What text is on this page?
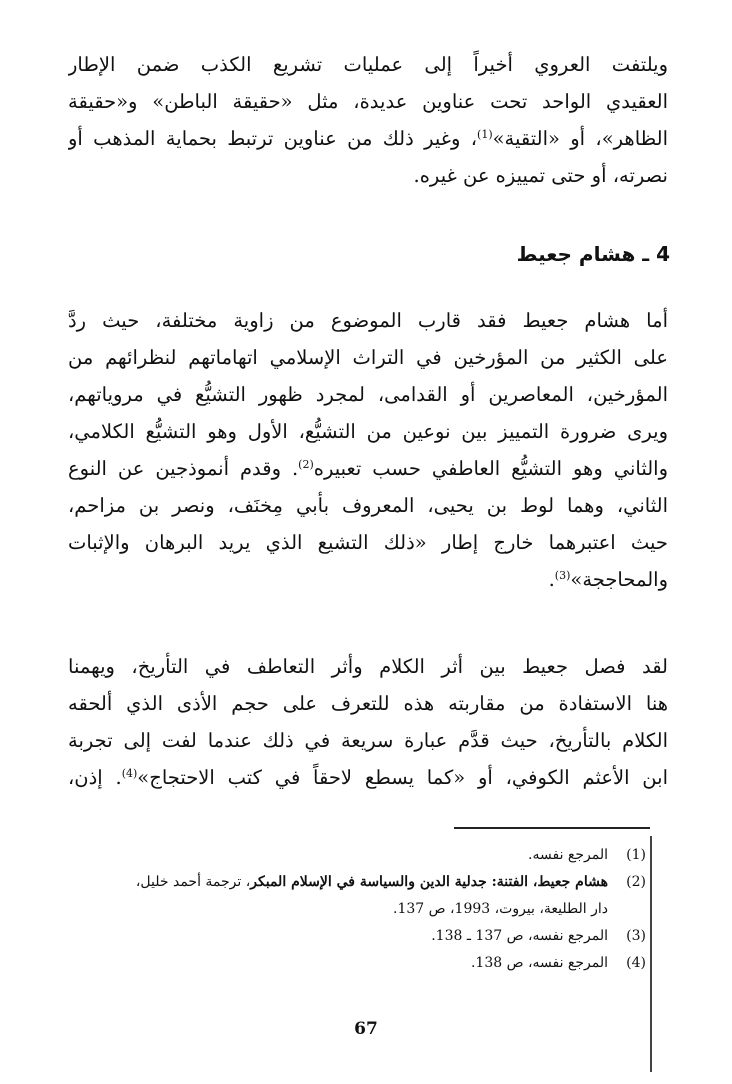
ويلتفت العروي أخيراً إلى عمليات تشريع الكذب ضمن الإطار
العقيدي الواحد تحت عناوين عديدة، مثل «حقيقة الباطن» و«حقيقة
الظاهر»، أو «التقية»$^{(1)}$، وغير ذلك من عناوين ترتبط بحماية المذهب أو
نصرته، أو حتى تمييزه عن غيره.
4 ـ هشام جعيط
أما هشام جعيط فقد قارب الموضوع من زاوية مختلفة، حيث ردَّ
على الكثير من المؤرخين في التراث الإسلامي اتهاماتهم لنظرائهم من
المؤرخين، المعاصرين أو القدامى، لمجرد ظهور التشيُّع في مروياتهم،
ويرى ضرورة التمييز بين نوعين من التشيُّع، الأول وهو التشيُّع الكلامي،
والثاني وهو التشيُّع العاطفي حسب تعبيره$^{(2)}$. وقدم أنموذجين عن النوع
الثاني، وهما لوط بن يحيى، المعروف بأبي مِخنَف، ونصر بن مزاحم،
حيث اعتبرهما خارج إطار «ذلك التشيع الذي يريد البرهان والإثبات
والمحاججة»$^{(3)}$.
لقد فصل جعيط بين أثر الكلام وأثر التعاطف في التأريخ، ويهمنا
هنا الاستفادة من مقاربته هذه للتعرف على حجم الأذى الذي ألحقه
الكلام بالتأريخ، حيث قدَّم عبارة سريعة في ذلك عندما لفت إلى تجربة
ابن الأعثم الكوفي، أو «كما يسطع لاحقاً في كتب الاحتجاج»$^{(4)}$. إذن،
(1)
المرجع نفسه.
(2)
هشام جعيط، الفتنة: جدلية الدين والسياسة في الإسلام المبكر، ترجمة أحمد خليل،
دار الطليعة، بيروت، 1993، ص 137.
(3)
المرجع نفسه، ص 137 ـ 138.
(4)
المرجع نفسه، ص 138.
67
